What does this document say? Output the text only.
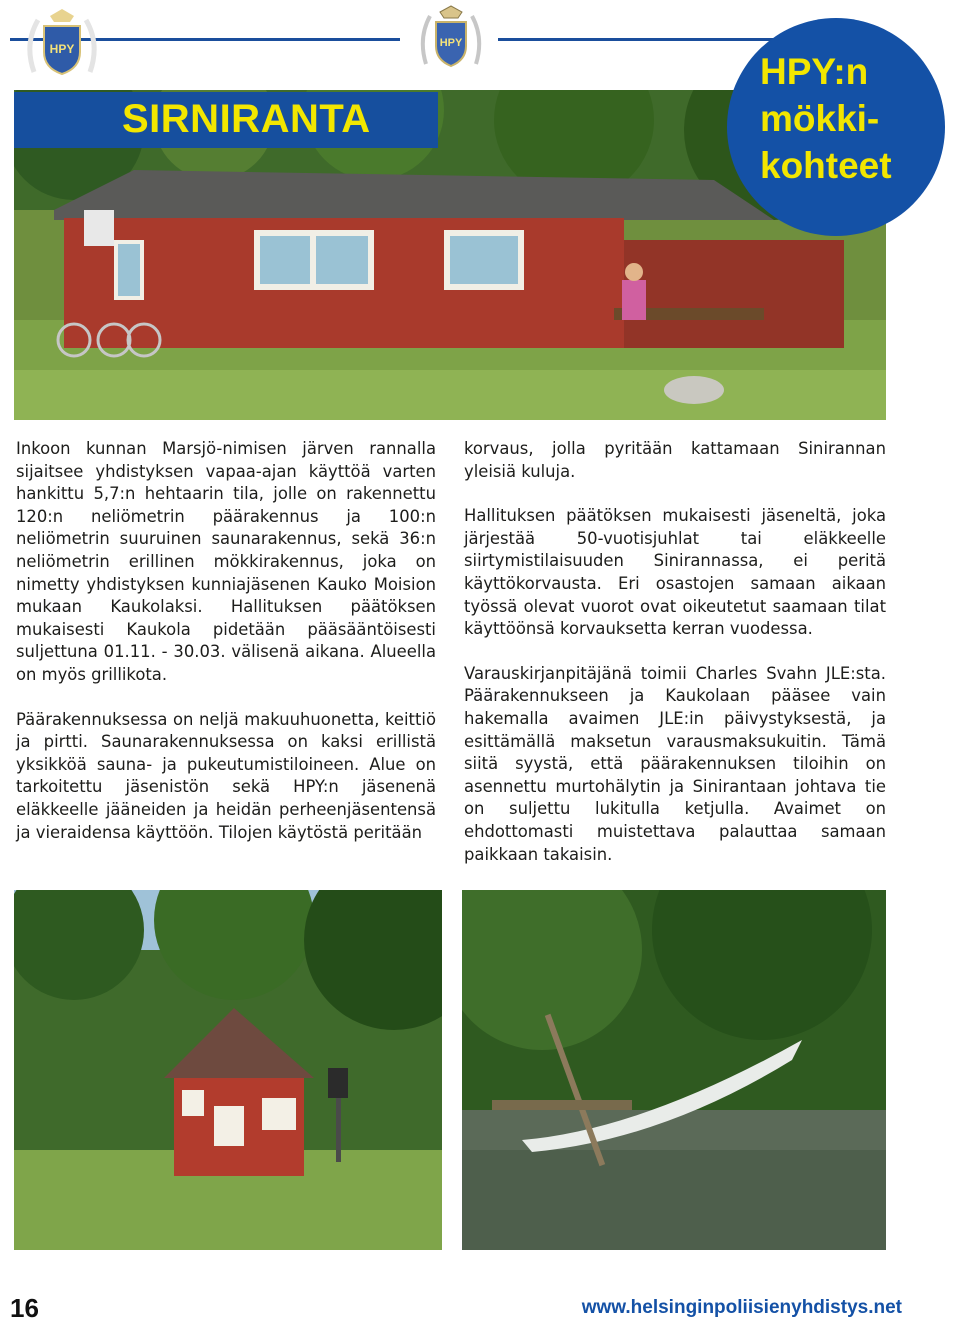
HPY
HPY
SIRNIRANTA
HPY:n
mökki-
kohteet

Inkoon kunnan Marsjö-nimisen järven rannalla sijaitsee yhdistyksen vapaa-ajan käyttöä varten hankittu 5,7:n hehtaarin tila, jolle on rakennettu 120:n neliömetrin päärakennus ja 100:n neliömetrin suuruinen saunarakennus, sekä 36:n neliömetrin erillinen mökkirakennus, joka on nimetty yhdistyksen kunniajäsenen Kauko Moision mukaan Kaukolaksi. Hallituksen päätöksen mukaisesti Kaukola pidetään pääsääntöisesti suljettuna 01.11. - 30.03. välisenä aikana. Alueella on myös grillikota.

Päärakennuksessa on neljä makuuhuonetta, keittiö ja pirtti. Saunarakennuksessa on kaksi erillistä yksikköä sauna- ja pukeutumistiloineen. Alue on tarkoitettu jäsenistön sekä HPY:n jäsenenä eläkkeelle jääneiden ja heidän perheenjäsentensä ja vieraidensa käyttöön. Tilojen käytöstä peritään

korvaus, jolla pyritään kattamaan Sinirannan yleisiä kuluja.

Hallituksen päätöksen mukaisesti jäseneltä, joka järjestää 50-vuotisjuhlat tai eläkkeelle siirtymistilaisuuden Sinirannassa, ei peritä käyttökorvausta. Eri osastojen samaan aikaan työssä olevat vuorot ovat oikeutetut saamaan tilat käyttöönsä korvauksetta kerran vuodessa.

Varauskirjanpitäjänä toimii Charles Svahn JLE:sta. Päärakennukseen ja Kaukolaan pääsee vain hakemalla avaimen JLE:in päivystyksestä, ja esittämällä maksetun varausmaksukuitin. Tämä siitä syystä, että päärakennuksen tiloihin on asennettu murtohälytin ja Sinirantaan johtava tie on suljettu lukitulla ketjulla. Avaimet on ehdottomasti muistettava palauttaa samaan paikkaan takaisin.

16	www.helsinginpoliisienyhdistys.net
